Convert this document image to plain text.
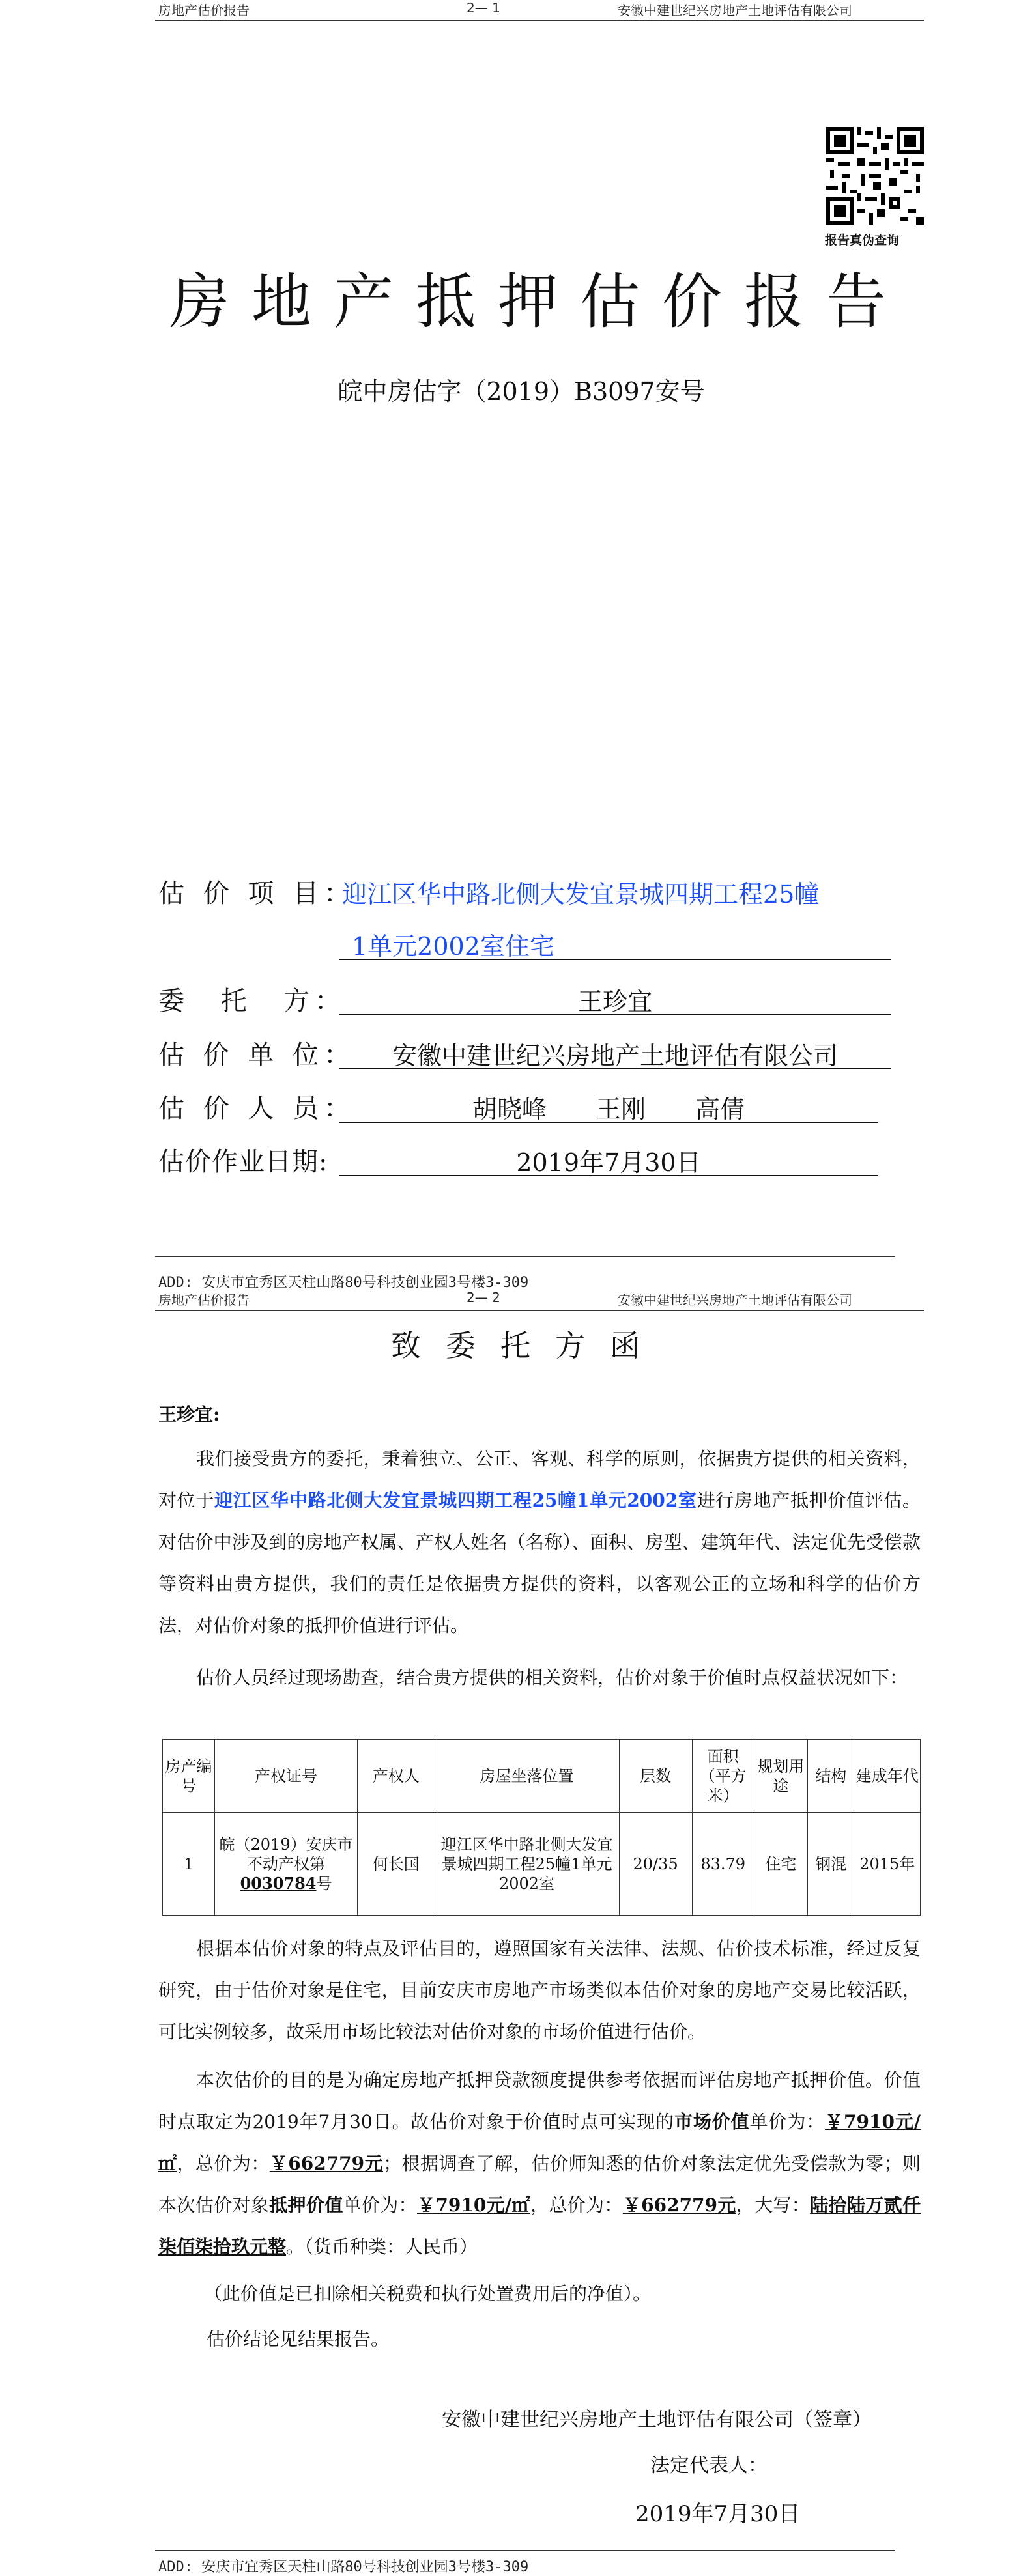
房地产估价报告	2— 1	安徽中建世纪兴房地产土地评估有限公司
报告真伪查询
房地产抵押估价报告
皖中房估字（2019）B3097安号
估 价 项 目：
迎江区华中路北侧大发宜景城四期工程25幢
1单元2002室住宅
委　托　方：	王珍宜
估 价 单 位：	安徽中建世纪兴房地产土地评估有限公司
估 价 人 员：	胡晓峰　　王刚　　高倩
估价作业日期:	2019年7月30日
ADD: 安庆市宜秀区天柱山路80号科技创业园3号楼3-309
房地产估价报告	2— 2	安徽中建世纪兴房地产土地评估有限公司
致委托方函
王珍宜:
我们接受贵方的委托，秉着独立、公正、客观、科学的原则，依据贵方提供的相关资料，对位于迎江区华中路北侧大发宜景城四期工程25幢1单元2002室进行房地产抵押价值评估。对估价中涉及到的房地产权属、产权人姓名（名称）、面积、房型、建筑年代、法定优先受偿款等资料由贵方提供，我们的责任是依据贵方提供的资料，以客观公正的立场和科学的估价方法，对估价对象的抵押价值进行评估。
估价人员经过现场勘查，结合贵方提供的相关资料，估价对象于价值时点权益状况如下：
房产编号	产权证号	产权人	房屋坐落位置	层数	面积（平方米）	规划用途	结构	建成年代
1	皖（2019）安庆市不动产权第0030784号	何长国	迎江区华中路北侧大发宜景城四期工程25幢1单元2002室	20/35	83.79	住宅	钢混	2015年
根据本估价对象的特点及评估目的，遵照国家有关法律、法规、估价技术标准，经过反复研究，由于估价对象是住宅，目前安庆市房地产市场类似本估价对象的房地产交易比较活跃，可比实例较多，故采用市场比较法对估价对象的市场价值进行估价。
本次估价的目的是为确定房地产抵押贷款额度提供参考依据而评估房地产抵押价值。价值时点取定为2019年7月30日。故估价对象于价值时点可实现的市场价值单价为：￥7910元/㎡，总价为：￥662779元；根据调查了解，估价师知悉的估价对象法定优先受偿款为零；则本次估价对象抵押价值单价为：￥7910元/㎡，总价为：￥662779元，大写：陆拾陆万贰仟柒佰柒拾玖元整。（货币种类：人民币）
（此价值是已扣除相关税费和执行处置费用后的净值）。
估价结论见结果报告。
安徽中建世纪兴房地产土地评估有限公司（签章）
法定代表人：
2019年7月30日
ADD: 安庆市宜秀区天柱山路80号科技创业园3号楼3-309
